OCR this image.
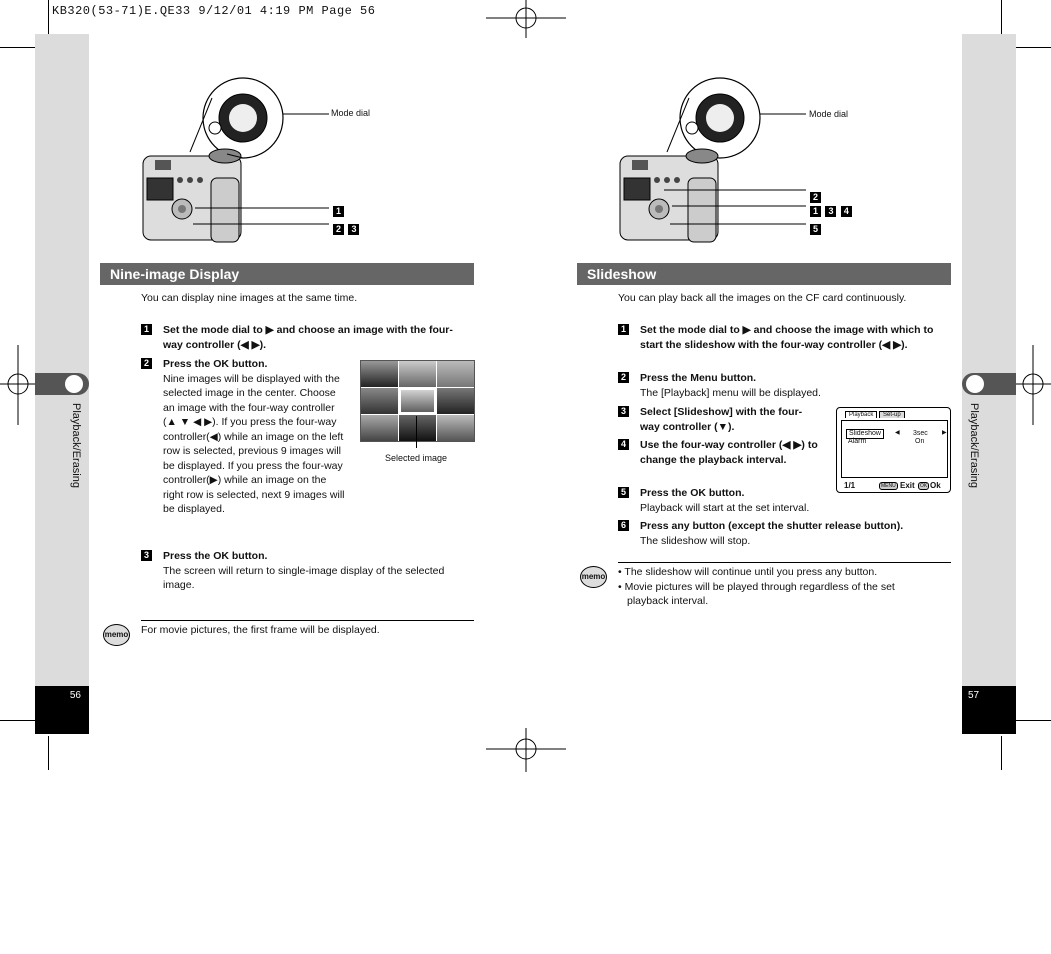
KB320(53-71)E.QE33 9/12/01 4:19 PM Page 56
Playback/Erasing
56
Playback/Erasing
57
Mode dial
1
2 3
Nine-image Display
You can display nine images at the same time.
1 Set the mode dial to ▶ and choose an image with the four-way controller (◀ ▶).
2 Press the OK button.
Nine images will be displayed with the selected image in the center. Choose an image with the four-way controller (▲ ▼ ◀ ▶). If you press the four-way controller(◀) while an image on the left row is selected, previous 9 images will be displayed. If you press the four-way controller(▶) while an image on the right row is selected, next 9 images will be displayed.
3 Press the OK button.
The screen will return to single-image display of the selected image.
Selected image
memo For movie pictures, the first frame will be displayed.
Mode dial
2
1 3 4
5
Slideshow
You can play back all the images on the CF card continuously.
1 Set the mode dial to ▶ and choose the image with which to start the slideshow with the four-way controller (◀ ▶).
2 Press the Menu button.
The [Playback] menu will be displayed.
3 Select [Slideshow] with the four-way controller (▼).
4 Use the four-way controller (◀ ▶) to change the playback interval.
5 Press the OK button.
Playback will start at the set interval.
6 Press any button (except the shutter release button).
The slideshow will stop.
Playback	Set-up
Slideshow	◀ 3sec ▶
Alarm	On
1/1	MENU Exit	OK Ok
memo • The slideshow will continue until you press any button.
• Movie pictures will be played through regardless of the set playback interval.
